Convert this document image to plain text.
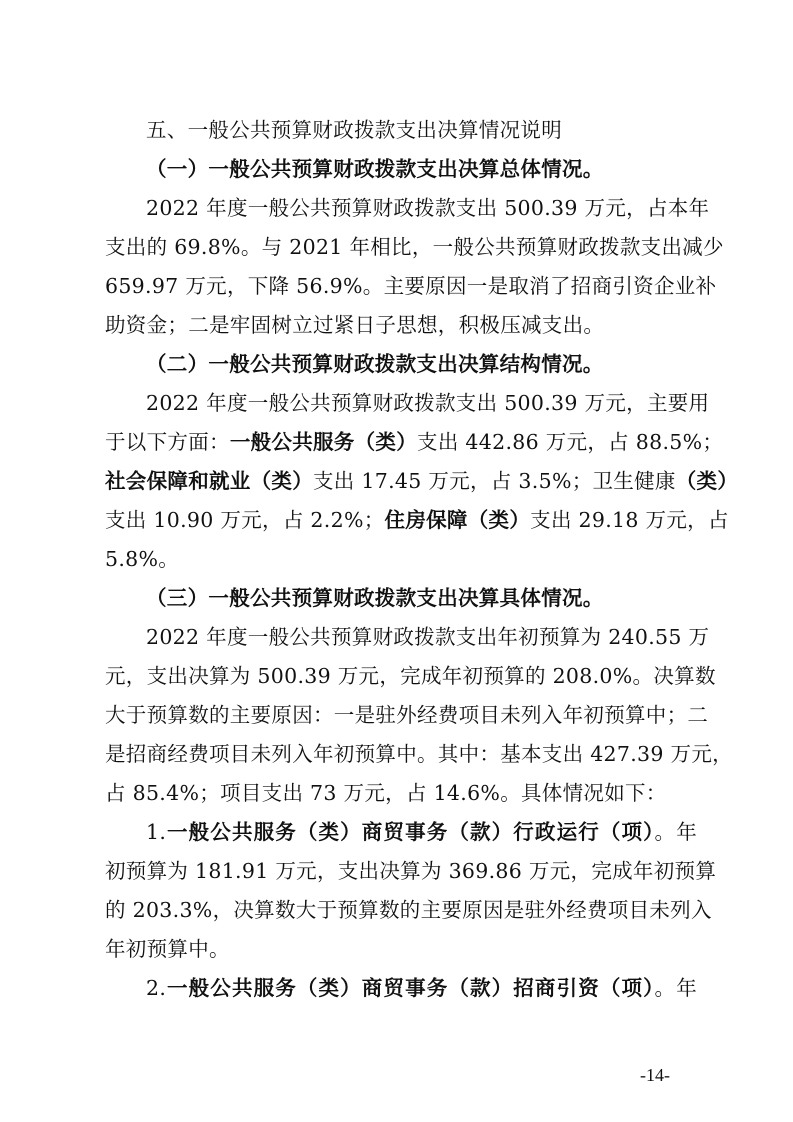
五、一般公共预算财政拨款支出决算情况说明
（一）一般公共预算财政拨款支出决算总体情况。
2022 年度一般公共预算财政拨款支出 500.39 万元，占本年
支出的 69.8%。与 2021 年相比，一般公共预算财政拨款支出减少
659.97 万元，下降 56.9%。主要原因一是取消了招商引资企业补
助资金；二是牢固树立过紧日子思想，积极压减支出。
（二）一般公共预算财政拨款支出决算结构情况。
2022 年度一般公共预算财政拨款支出 500.39 万元，主要用
于以下方面：一般公共服务（类）支出 442.86 万元，占 88.5%；
社会保障和就业（类）支出 17.45 万元，占 3.5%；卫生健康（类）
支出 10.90 万元，占 2.2%；住房保障（类）支出 29.18 万元，占
5.8%。
（三）一般公共预算财政拨款支出决算具体情况。
2022 年度一般公共预算财政拨款支出年初预算为 240.55 万
元，支出决算为 500.39 万元，完成年初预算的 208.0%。决算数
大于预算数的主要原因：一是驻外经费项目未列入年初预算中；二
是招商经费项目未列入年初预算中。其中：基本支出 427.39 万元，
占 85.4%；项目支出 73 万元，占 14.6%。具体情况如下：
1.一般公共服务（类）商贸事务（款）行政运行（项）。年
初预算为 181.91 万元，支出决算为 369.86 万元，完成年初预算
的 203.3%，决算数大于预算数的主要原因是驻外经费项目未列入
年初预算中。
2.一般公共服务（类）商贸事务（款）招商引资（项）。年
-14-
